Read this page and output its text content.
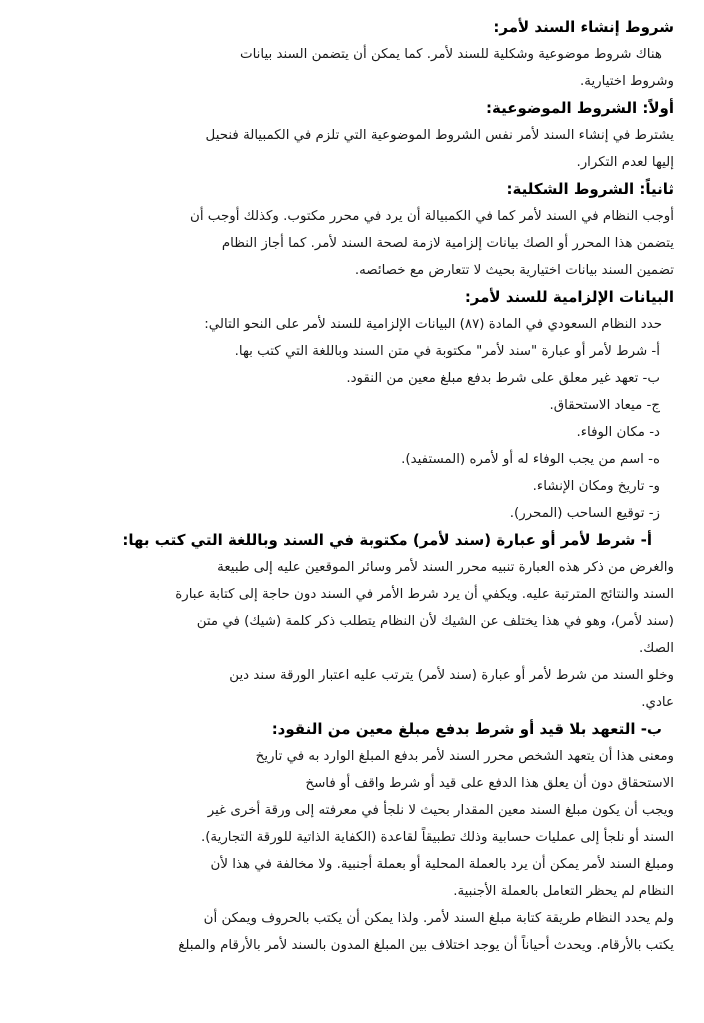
شروط إنشاء السند لأمر:
هناك شروط موضوعية وشكلية للسند لأمر. كما يمكن أن يتضمن السند بيانات
وشروط اختيارية.
أولاً: الشروط الموضوعية:
يشترط في إنشاء السند لأمر نفس الشروط الموضوعية التي تلزم في الكمبيالة فنحيل
إليها لعدم التكرار.
ثانياً: الشروط الشكلية:
أوجب النظام في السند لأمر كما في الكمبيالة أن يرد في محرر مكتوب. وكذلك أوجب أن
يتضمن هذا المحرر أو الصك بيانات إلزامية لازمة لصحة السند لأمر. كما أجاز النظام
تضمين السند بيانات اختيارية بحيث لا تتعارض مع خصائصه.
البيانات الإلزامية للسند لأمر:
حدد النظام السعودي في المادة (٨٧) البيانات الإلزامية للسند لأمر على النحو التالي:
أ- شرط لأمر أو عبارة "سند لأمر" مكتوبة في متن السند وباللغة التي كتب بها.
ب- تعهد غير معلق على شرط بدفع مبلغ معين من النقود.
ج- ميعاد الاستحقاق.
د- مكان الوفاء.
ه- اسم من يجب الوفاء له أو لأمره (المستفيد).
و- تاريخ ومكان الإنشاء.
ز- توقيع الساحب (المحرر).
أ- شرط لأمر أو عبارة (سند لأمر) مكتوبة في السند وباللغة التي كتب بها:
والغرض من ذكر هذه العبارة تنبيه محرر السند لأمر وسائر الموقعين عليه إلى طبيعة
السند والنتائج المترتبة عليه. ويكفي أن يرد شرط الأمر في السند دون حاجة إلى كتابة عبارة
(سند لأمر)، وهو في هذا يختلف عن الشيك لأن النظام يتطلب ذكر كلمة (شيك) في متن
الصك.
وخلو السند من شرط لأمر أو عبارة (سند لأمر) يترتب عليه اعتبار الورقة سند دين
عادي.
ب- التعهد بلا قيد أو شرط بدفع مبلغ معين من النقود:
ومعنى هذا أن يتعهد الشخص محرر السند لأمر بدفع المبلغ الوارد به في تاريخ
الاستحقاق دون أن يعلق هذا الدفع على قيد أو شرط واقف أو فاسخ
ويجب أن يكون مبلغ السند معين المقدار بحيث لا نلجأ في معرفته إلى ورقة أخرى غير
السند أو نلجأ إلى عمليات حسابية وذلك تطبيقاً لقاعدة (الكفاية الذاتية للورقة التجارية).
ومبلغ السند لأمر يمكن أن يرد بالعملة المحلية أو بعملة أجنبية. ولا مخالفة في هذا لأن
النظام لم يحظر التعامل بالعملة الأجنبية.
ولم يحدد النظام طريقة كتابة مبلغ السند لأمر. ولذا يمكن أن يكتب بالحروف ويمكن أن
يكتب بالأرقام. ويحدث أحياناً أن يوجد اختلاف بين المبلغ المدون بالسند لأمر بالأرقام والمبلغ
